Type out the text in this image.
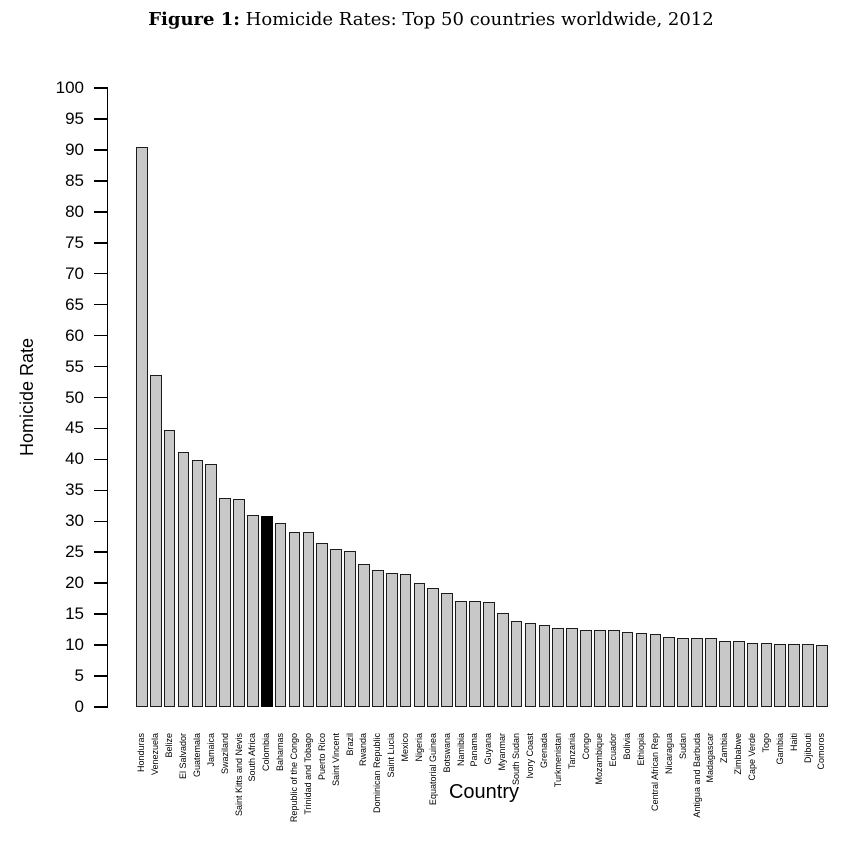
Figure 1: Homicide Rates: Top 50 countries worldwide, 2012
Homicide Rate
0
5
10
15
20
25
30
35
40
45
50
55
60
65
70
75
80
85
90
95
100
Honduras Venezuela Belize El Salvador Guatemala Jamaica Swaziland Saint Kitts and Nevis South Africa Colombia Bahamas Republic of the Congo Trinidad and Tobago Puerto Rico Saint Vincent Brazil Rwanda Dominican Republic Saint Lucia Mexico Nigeria Equatorial Guinea Botswana Namibia Panama Guyana Myanmar South Sudan Ivory Coast Grenada Turkmenistan Tanzania Congo Mozambique Ecuador Bolivia Ethiopia Central African Rep Nicaragua Sudan Antigua and Barbuda Madagascar Zambia Zimbabwe Cape Verde Togo Gambia Haiti Djibouti Comoros
Country
